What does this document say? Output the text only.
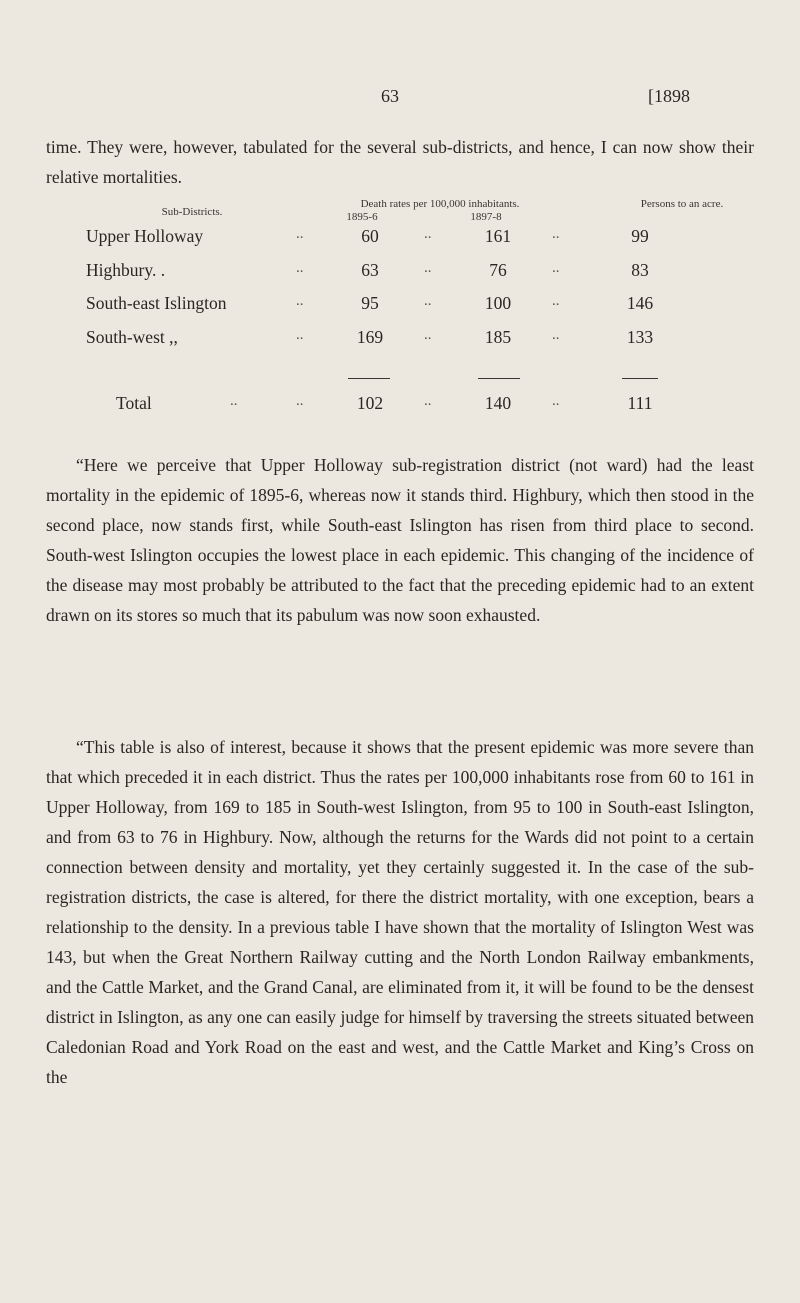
63	[1898

time. They were, however, tabulated for the several sub-districts, and hence, I can now show their relative mortalities.

Sub-Districts.
Death rates per 100,000 inhabitants.
1895-6	1897-8
Persons to an acre.
Upper Holloway	..	60	..	161	..	99
Highbury. .	..	63	..	76	..	83
South-east Islington	..	95	..	100	..	146
South-west ,,	..	169	..	185	..	133
Total	..	..	102	..	140	..	111

“Here we perceive that Upper Holloway sub-registration district (not ward) had the least mortality in the epidemic of 1895-6, whereas now it stands third. Highbury, which then stood in the second place, now stands first, while South-east Islington has risen from third place to second. South-west Islington occupies the lowest place in each epidemic. This changing of the incidence of the disease may most probably be attributed to the fact that the preceding epidemic had to an extent drawn on its stores so much that its pabulum was now soon exhausted.

“This table is also of interest, because it shows that the present epidemic was more severe than that which preceded it in each district. Thus the rates per 100,000 inhabitants rose from 60 to 161 in Upper Holloway, from 169 to 185 in South-west Islington, from 95 to 100 in South-east Islington, and from 63 to 76 in Highbury. Now, although the returns for the Wards did not point to a certain connection between density and mortality, yet they certainly suggested it. In the case of the sub-registration districts, the case is altered, for there the district mortality, with one exception, bears a relationship to the density. In a previous table I have shown that the mortality of Islington West was 143, but when the Great Northern Railway cutting and the North London Railway embankments, and the Cattle Market, and the Grand Canal, are eliminated from it, it will be found to be the densest district in Islington, as any one can easily judge for himself by traversing the streets situated between Caledonian Road and York Road on the east and west, and the Cattle Market and King’s Cross on the
